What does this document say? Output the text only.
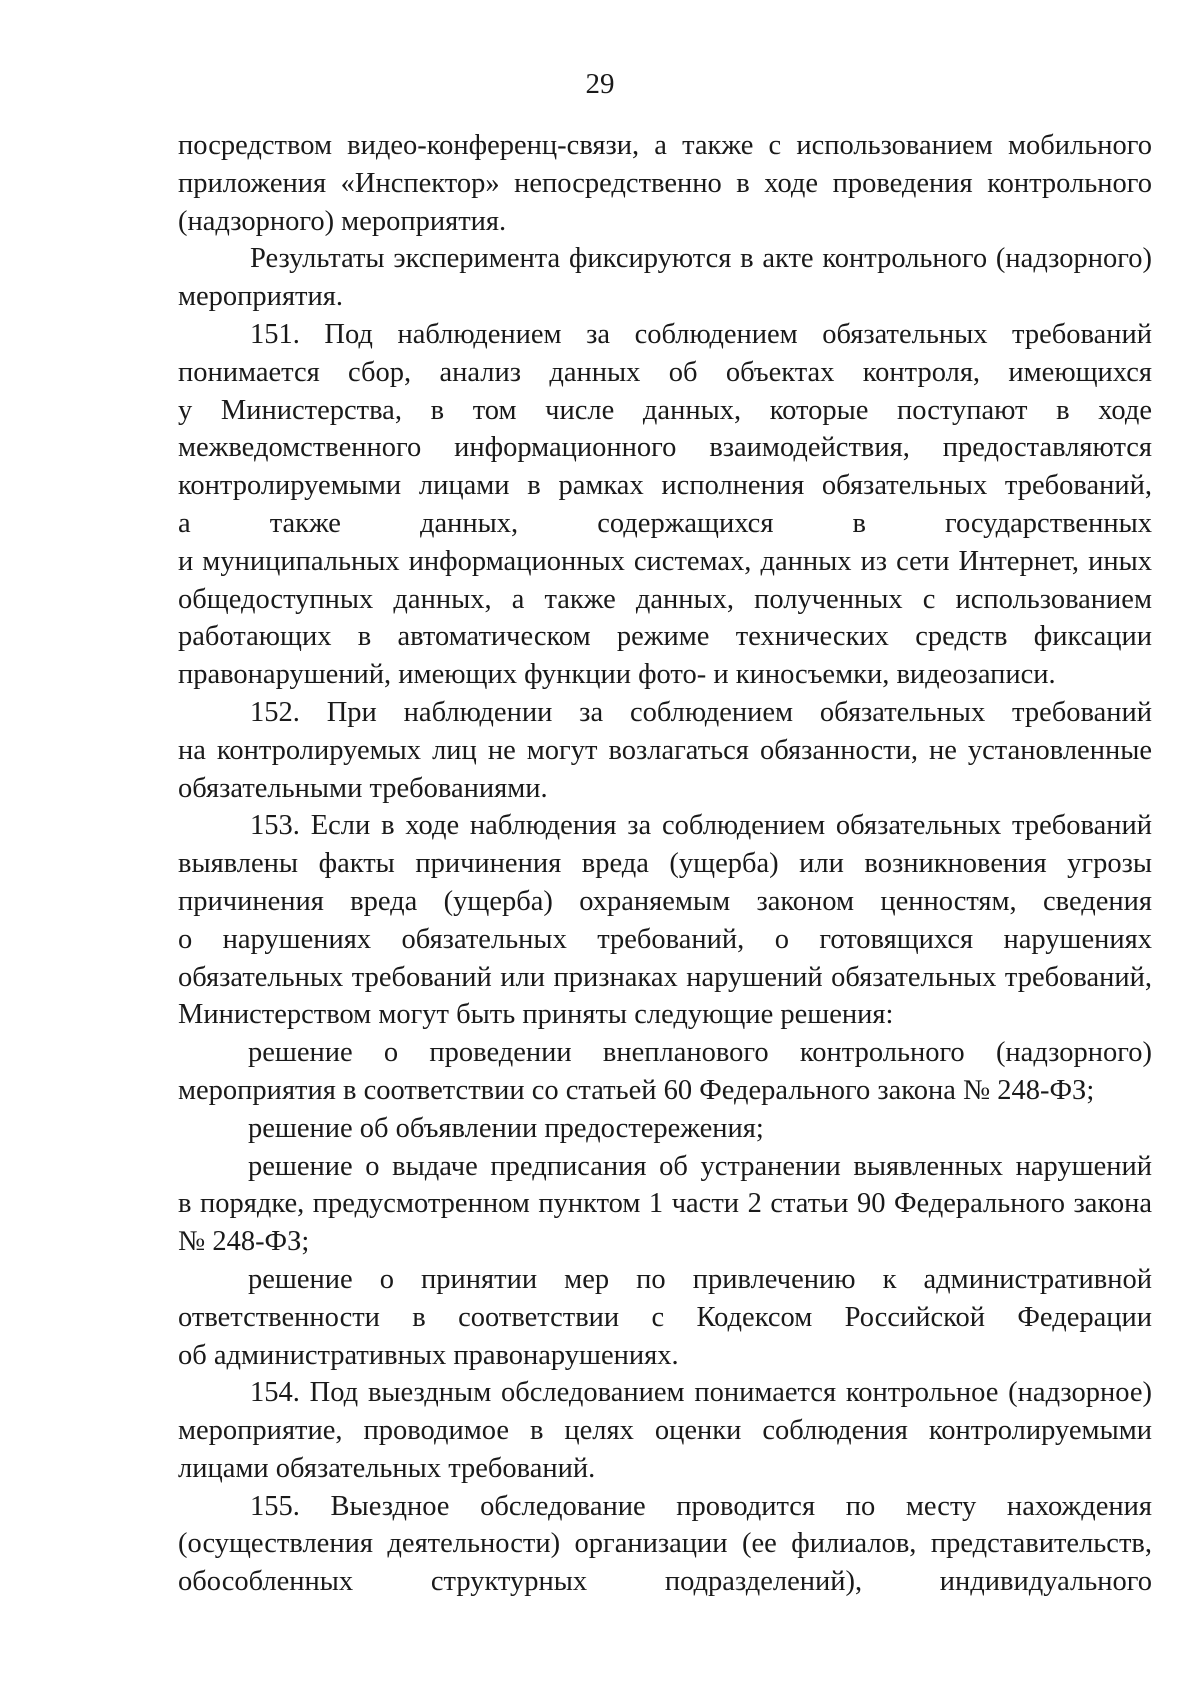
29
посредством видео-конференц-связи, а также с использованием мобильного
приложения «Инспектор» непосредственно в ходе проведения контрольного
(надзорного) мероприятия.
Результаты эксперимента фиксируются в акте контрольного (надзорного)
мероприятия.
151. Под наблюдением за соблюдением обязательных требований
понимается сбор, анализ данных об объектах контроля, имеющихся
у Министерства, в том числе данных, которые поступают в ходе
межведомственного информационного взаимодействия, предоставляются
контролируемыми лицами в рамках исполнения обязательных требований,
а также данных, содержащихся в государственных
и муниципальных информационных системах, данных из сети Интернет, иных
общедоступных данных, а также данных, полученных с использованием
работающих в автоматическом режиме технических средств фиксации
правонарушений, имеющих функции фото- и киносъемки, видеозаписи.
152. При наблюдении за соблюдением обязательных требований
на контролируемых лиц не могут возлагаться обязанности, не установленные
обязательными требованиями.
153. Если в ходе наблюдения за соблюдением обязательных требований
выявлены факты причинения вреда (ущерба) или возникновения угрозы
причинения вреда (ущерба) охраняемым законом ценностям, сведения
о нарушениях обязательных требований, о готовящихся нарушениях
обязательных требований или признаках нарушений обязательных требований,
Министерством могут быть приняты следующие решения:
решение о проведении внепланового контрольного (надзорного)
мероприятия в соответствии со статьей 60 Федерального закона № 248-ФЗ;
решение об объявлении предостережения;
решение о выдаче предписания об устранении выявленных нарушений
в порядке, предусмотренном пунктом 1 части 2 статьи 90 Федерального закона
№ 248-ФЗ;
решение о принятии мер по привлечению к административной
ответственности в соответствии с Кодексом Российской Федерации
об административных правонарушениях.
154. Под выездным обследованием понимается контрольное (надзорное)
мероприятие, проводимое в целях оценки соблюдения контролируемыми
лицами обязательных требований.
155. Выездное обследование проводится по месту нахождения
(осуществления деятельности) организации (ее филиалов, представительств,
обособленных структурных подразделений), индивидуального
